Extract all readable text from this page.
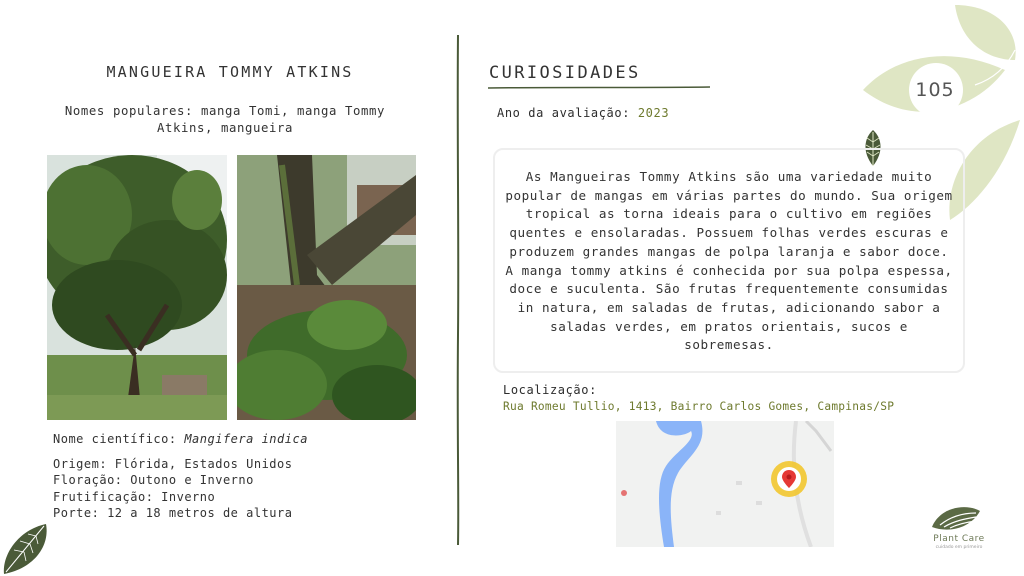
105
MANGUEIRA TOMMY ATKINS
Nomes populares: manga Tomi, manga Tommy Atkins, mangueira
Nome científico: Mangifera indica
Origem: Flórida, Estados Unidos
Floração: Outono e Inverno
Frutificação: Inverno
Porte: 12 a 18 metros de altura
CURIOSIDADES
Ano da avaliação: 2023
As Mangueiras Tommy Atkins são uma variedade muito popular de mangas em várias partes do mundo. Sua origem tropical as torna ideais para o cultivo em regiões quentes e ensolaradas. Possuem folhas verdes escuras e produzem grandes mangas de polpa laranja e sabor doce. A manga tommy atkins é conhecida por sua polpa espessa, doce e suculenta. São frutas frequentemente consumidas in natura, em saladas de frutas, adicionando sabor a saladas verdes, em pratos orientais, sucos e sobremesas.
Localização:
Rua Romeu Tullio, 1413, Bairro Carlos Gomes, Campinas/SP
Plant Care
cuidado em primeiro
